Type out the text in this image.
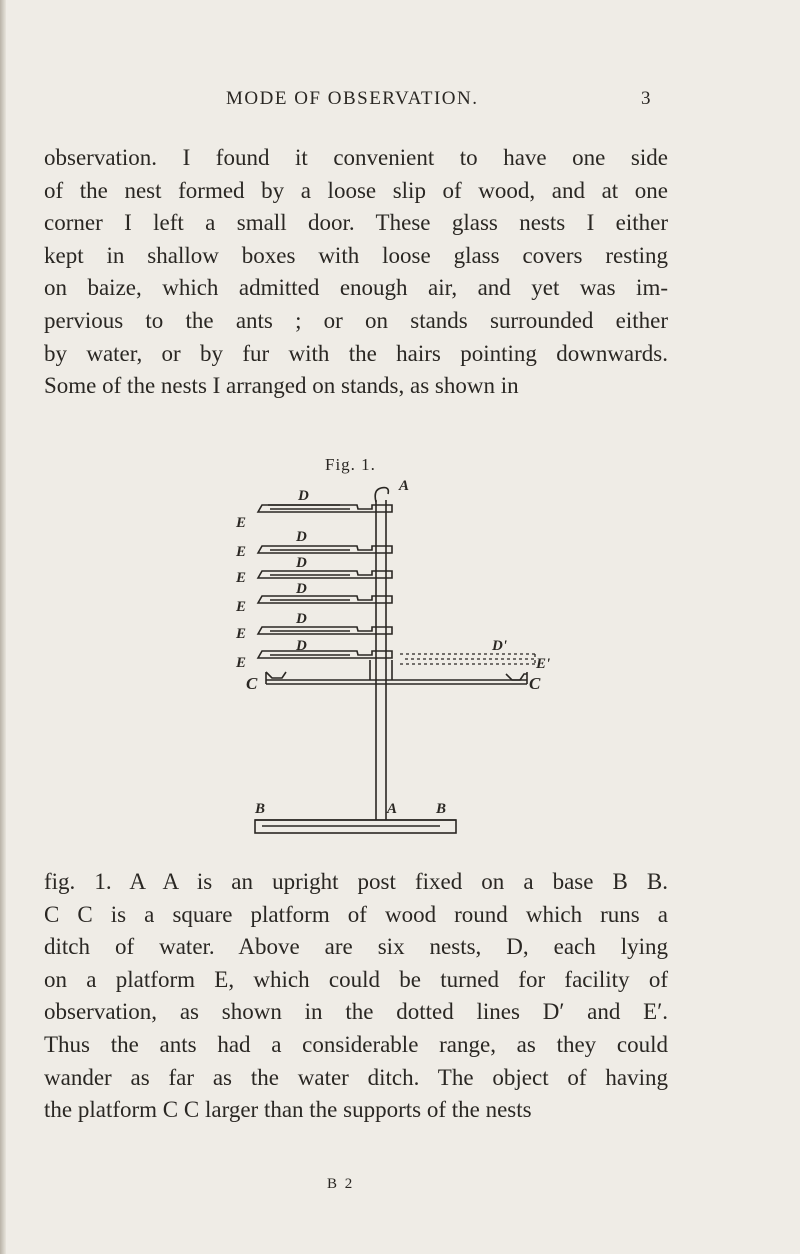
MODE OF OBSERVATION.	3
observation. I found it convenient to have one side
of the nest formed by a loose slip of wood, and at one
corner I left a small door. These glass nests I either
kept in shallow boxes with loose glass covers resting
on baize, which admitted enough air, and yet was im-
pervious to the ants ; or on stands surrounded either
by water, or by fur with the hairs pointing downwards.
Some of the nests I arranged on stands, as shown in
Fig. 1.
A
D
D
D
D
D
D
E
E
E
E
E
E
D'
E'
C	C
B	A	B
fig. 1. A A is an upright post fixed on a base B B.
C C is a square platform of wood round which runs a
ditch of water. Above are six nests, D, each lying
on a platform E, which could be turned for facility of
observation, as shown in the dotted lines D′ and E′.
Thus the ants had a considerable range, as they could
wander as far as the water ditch. The object of having
the platform C C larger than the supports of the nests
B 2
